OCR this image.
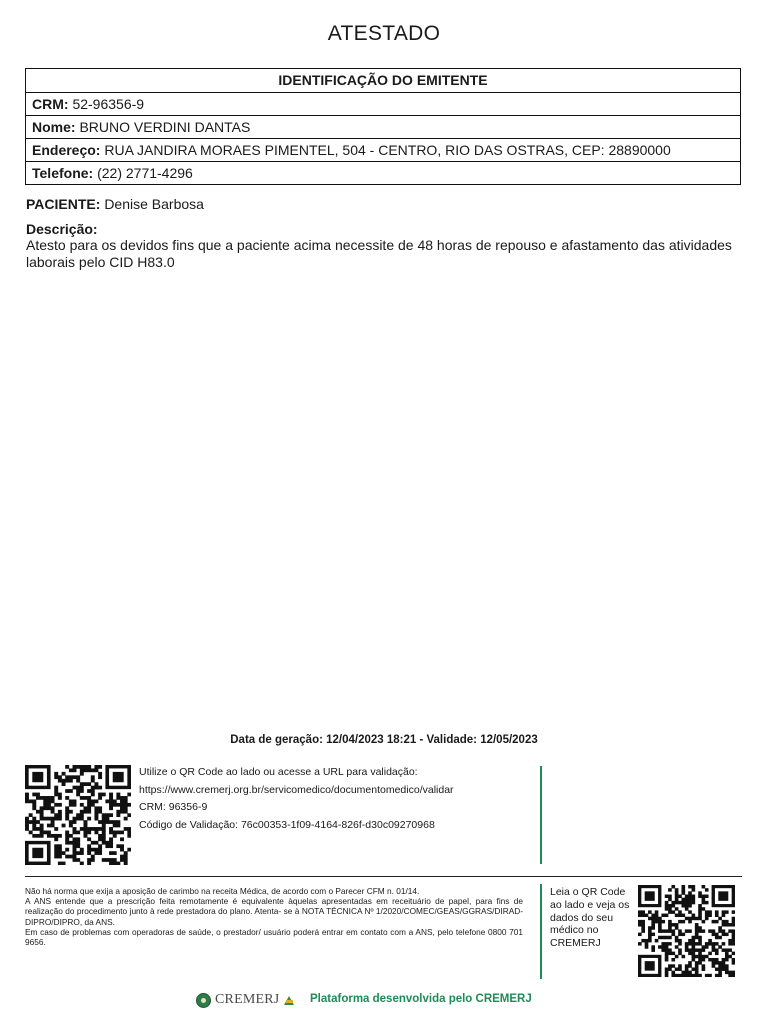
ATESTADO
IDENTIFICAÇÃO DO EMITENTE
CRM: 52-96356-9
Nome: BRUNO VERDINI DANTAS
Endereço: RUA JANDIRA MORAES PIMENTEL, 504 - CENTRO, RIO DAS OSTRAS, CEP: 28890000
Telefone: (22) 2771-4296
PACIENTE: Denise Barbosa
Descrição:
Atesto para os devidos fins que a paciente acima necessite de 48 horas de repouso e afastamento das atividades laborais pelo CID H83.0
Data de geração: 12/04/2023 18:21 - Validade: 12/05/2023
Utilize o QR Code ao lado ou acesse a URL para validação:
https://www.cremerj.org.br/servicomedico/documentomedico/validar
CRM: 96356-9
Código de Validação: 76c00353-1f09-4164-826f-d30c09270968

Não há norma que exija a aposição de carimbo na receita Médica, de acordo com o Parecer CFM n. 01/14.

A ANS entende que a prescrição feita remotamente é equivalente àquelas apresentadas em receituário de papel, para fins de realização do procedimento junto à rede prestadora do plano. Atenta- se à NOTA TÉCNICA Nº 1/2020/COMEC/GEAS/GGRAS/DIRAD-DIPRO/DIPRO, da ANS.

Em caso de problemas com operadoras de saúde, o prestador/ usuário poderá entrar em contato com a ANS, pelo telefone 0800 701 9656.

Leia o QR Code ao lado e veja os dados do seu médico no CREMERJ
CREMERJ	Plataforma desenvolvida pelo CREMERJ
